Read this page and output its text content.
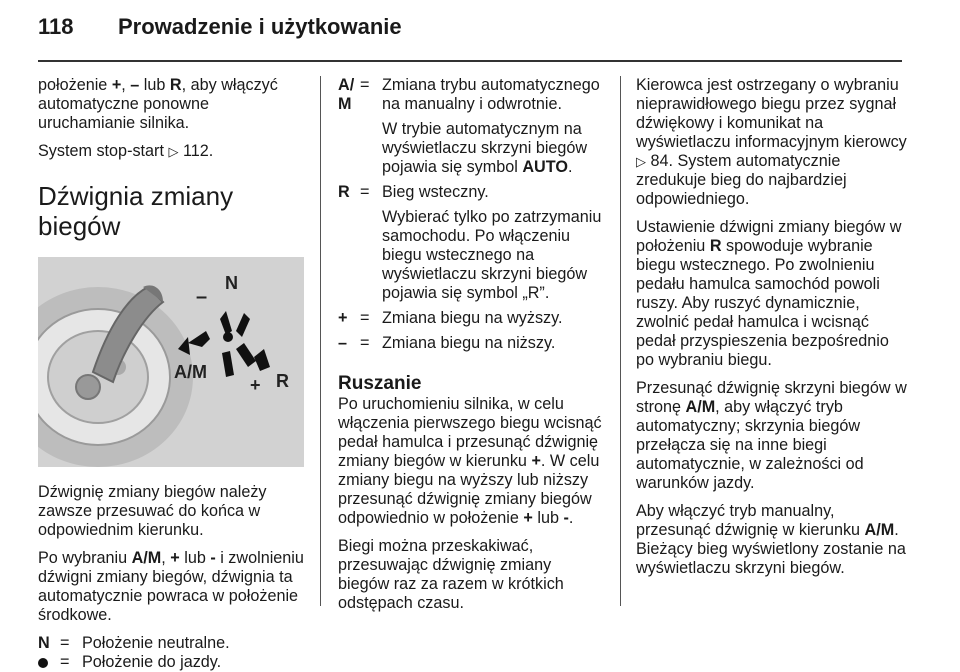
118 Prowadzenie i użytkowanie

położenie +, – lub R, aby włączyć automatyczne ponowne uruchamianie silnika.

System stop-start ▷ 112.

Dźwignia zmiany biegów
–
N
A/M
+ R

Dźwignię zmiany biegów należy zawsze przesuwać do końca w odpowiednim kierunku.

Po wybraniu A/M, + lub - i zwolnieniu dźwigni zmiany biegów, dźwignia ta automatycznie powraca w położenie środkowe.

N = Położenie neutralne.
= Położenie do jazdy.
A/
M
= Zmiana trybu automatycznego na manualny i odwrotnie.

W trybie automatycznym na wyświetlaczu skrzyni biegów pojawia się symbol AUTO.

R = Bieg wsteczny.

Wybierać tylko po zatrzymaniu samochodu. Po włączeniu biegu wstecznego na wyświetlaczu skrzyni biegów pojawia się symbol „R”.

+ = Zmiana biegu na wyższy.

– = Zmiana biegu na niższy.

Ruszanie

Po uruchomieniu silnika, w celu włączenia pierwszego biegu wcisnąć pedał hamulca i przesunąć dźwignię zmiany biegów w kierunku +. W celu zmiany biegu na wyższy lub niższy przesunąć dźwignię zmiany biegów odpowiednio w położenie + lub -.

Biegi można przeskakiwać, przesuwając dźwignię zmiany biegów raz za razem w krótkich odstępach czasu.

Kierowca jest ostrzegany o wybraniu nieprawidłowego biegu przez sygnał dźwiękowy i komunikat na wyświetlaczu informacyjnym kierowcy ▷ 84. System automatycznie zredukuje bieg do najbardziej odpowiedniego.

Ustawienie dźwigni zmiany biegów w położeniu R spowoduje wybranie biegu wstecznego. Po zwolnieniu pedału hamulca samochód powoli ruszy. Aby ruszyć dynamicznie, zwolnić pedał hamulca i wcisnąć pedał przyspieszenia bezpośrednio po wybraniu biegu.

Przesunąć dźwignię skrzyni biegów w stronę A/M, aby włączyć tryb automatyczny; skrzynia biegów przełącza się na inne biegi automatycznie, w zależności od warunków jazdy.

Aby włączyć tryb manualny, przesunąć dźwignię w kierunku A/M. Bieżący bieg wyświetlony zostanie na wyświetlaczu skrzyni biegów.
